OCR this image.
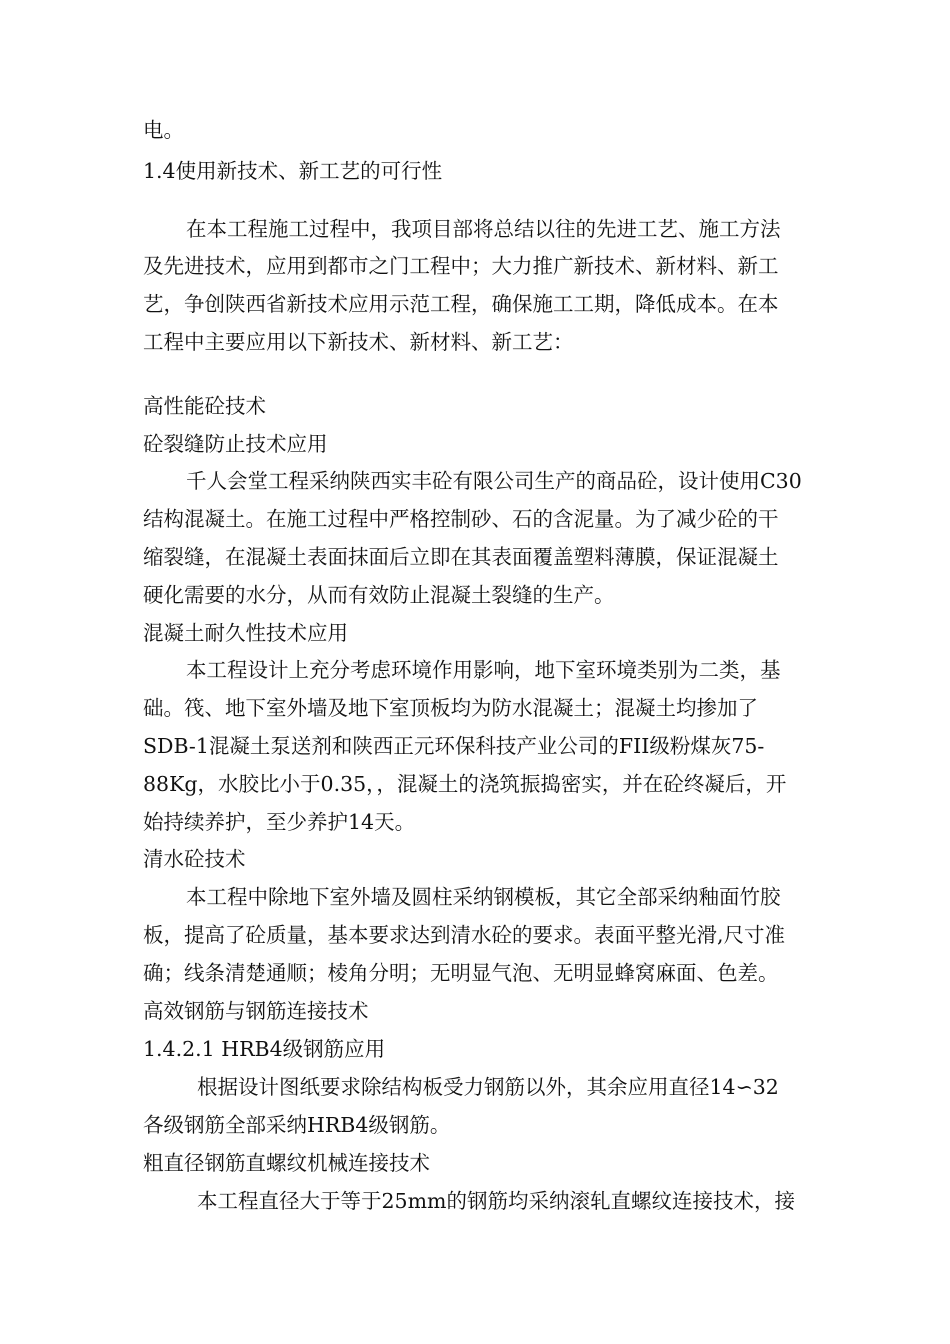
电。
1.4使用新技术、新工艺的可行性
在本工程施工过程中，我项目部将总结以往的先进工艺、施工方法
及先进技术，应用到都市之门工程中；大力推广新技术、新材料、新工
艺，争创陕西省新技术应用示范工程，确保施工工期，降低成本。在本
工程中主要应用以下新技术、新材料、新工艺：
高性能砼技术
砼裂缝防止技术应用
千人会堂工程采纳陕西实丰砼有限公司生产的商品砼，设计使用C30
结构混凝土。在施工过程中严格控制砂、石的含泥量。为了减少砼的干
缩裂缝，在混凝土表面抹面后立即在其表面覆盖塑料薄膜，保证混凝土
硬化需要的水分，从而有效防止混凝土裂缝的生产。
混凝土耐久性技术应用
本工程设计上充分考虑环境作用影响，地下室环境类别为二类，基
础。筏、地下室外墙及地下室顶板均为防水混凝土；混凝土均掺加了
SDB-1混凝土泵送剂和陕西正元环保科技产业公司的FII级粉煤灰75-
88Kg，水胶比小于0.35，，混凝土的浇筑振捣密实，并在砼终凝后，开
始持续养护，至少养护14天。
清水砼技术
本工程中除地下室外墙及圆柱采纳钢模板，其它全部采纳釉面竹胶
板，提高了砼质量，基本要求达到清水砼的要求。表面平整光滑,尺寸准
确；线条清楚通顺；棱角分明；无明显气泡、无明显蜂窝麻面、色差。
高效钢筋与钢筋连接技术
1.4.2.1 HRB4级钢筋应用
根据设计图纸要求除结构板受力钢筋以外，其余应用直径14∽32
各级钢筋全部采纳HRB4级钢筋。
粗直径钢筋直螺纹机械连接技术
本工程直径大于等于25mm的钢筋均采纳滚轧直螺纹连接技术，接
